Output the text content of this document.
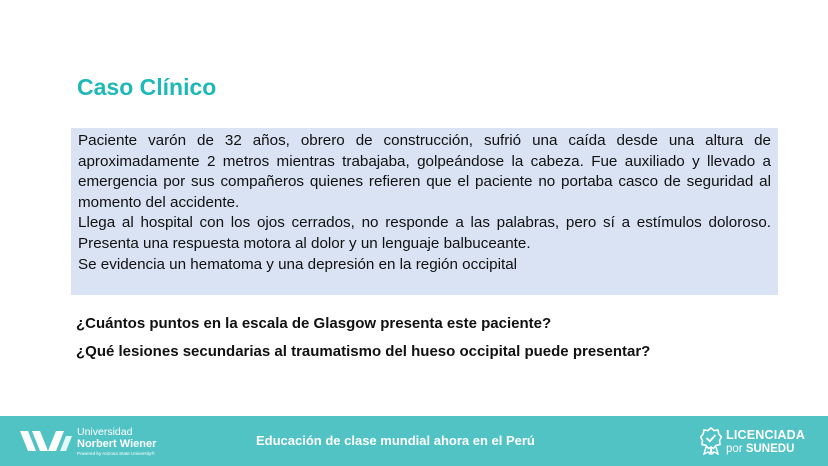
Caso Clínico

Paciente varón de 32 años, obrero de construcción, sufrió una caída desde una altura de aproximadamente 2 metros mientras trabajaba, golpeándose la cabeza. Fue auxiliado y llevado a emergencia por sus compañeros quienes refieren que el paciente no portaba casco de seguridad al momento del accidente.

Llega al hospital con los ojos cerrados, no responde a las palabras, pero sí a estímulos doloroso. Presenta una respuesta motora al dolor y un lenguaje balbuceante.

Se evidencia un hematoma y una depresión en la región occipital

¿Cuántos puntos en la escala de Glasgow presenta este paciente?
¿Qué lesiones secundarias al traumatismo del hueso occipital puede presentar?
Universidad
Norbert Wiener
Powered by Arizona State University®
Educación de clase mundial ahora en el Perú	LICENCIADA
por SUNEDU
